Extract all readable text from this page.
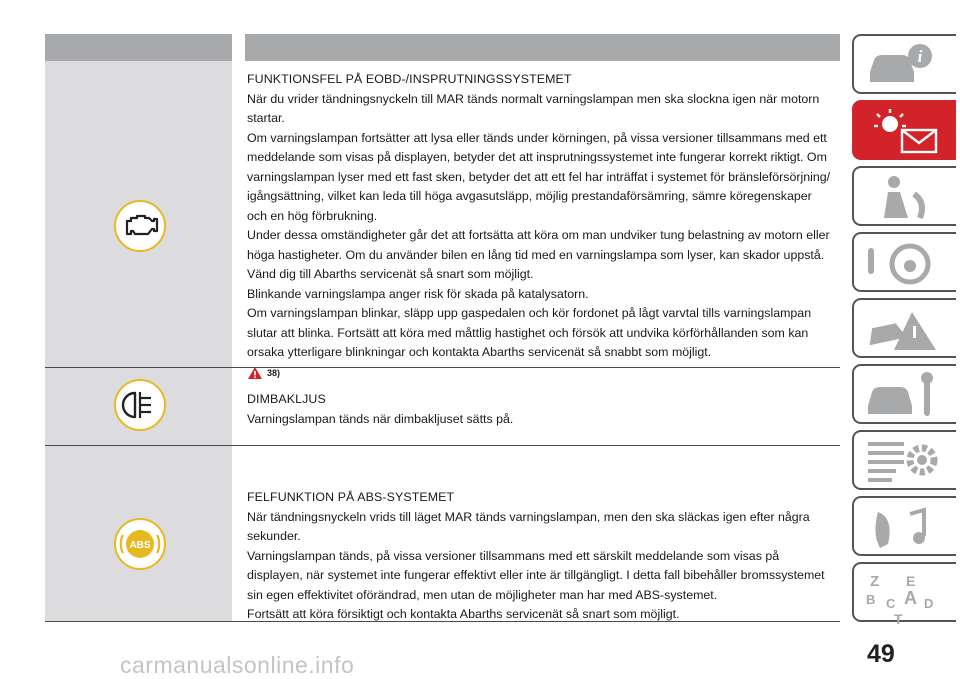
FUNKTIONSFEL PÅ EOBD-/INSPRUTNINGSSYSTEMET
När du vrider tändningsnyckeln till MAR tänds normalt varningslampan men ska slockna igen när motorn startar.
Om varningslampan fortsätter att lysa eller tänds under körningen, på vissa versioner tillsammans med ett meddelande som visas på displayen, betyder det att insprutningssystemet inte fungerar korrekt riktigt. Om varningslampan lyser med ett fast sken, betyder det att ett fel har inträffat i systemet för bränsleförsörjning/ igångsättning, vilket kan leda till höga avgasutsläpp, möjlig prestandaförsämring, sämre köregenskaper och en hög förbrukning.
Under dessa omständigheter går det att fortsätta att köra om man undviker tung belastning av motorn eller höga hastigheter. Om du använder bilen en lång tid med en varningslampa som lyser, kan skador uppstå. Vänd dig till Abarths servicenät så snart som möjligt.
Blinkande varningslampa anger risk för skada på katalysatorn.
Om varningslampan blinkar, släpp upp gaspedalen och kör fordonet på lågt varvtal tills varningslampan slutar att blinka. Fortsätt att köra med måttlig hastighet och försök att undvika körförhållanden som kan orsaka ytterligare blinkningar och kontakta Abarths servicenät så snabbt som möjligt.
38)
DIMBAKLJUS
Varningslampan tänds när dimbakljuset sätts på.
ABS
FELFUNKTION PÅ ABS-SYSTEMET
När tändningsnyckeln vrids till läget MAR tänds varningslampan, men den ska släckas igen efter några sekunder.
Varningslampan tänds, på vissa versioner tillsammans med ett särskilt meddelande som visas på displayen, när systemet inte fungerar effektivt eller inte är tillgängligt. I detta fall bibehåller bromssystemet sin egen effektivitet oförändrad, men utan de möjligheter man har med ABS-systemet.
Fortsätt att köra försiktigt och kontakta Abarths servicenät så snart som möjligt.
i
Z E
B A
C D
T
49
carmanualsonline.info
